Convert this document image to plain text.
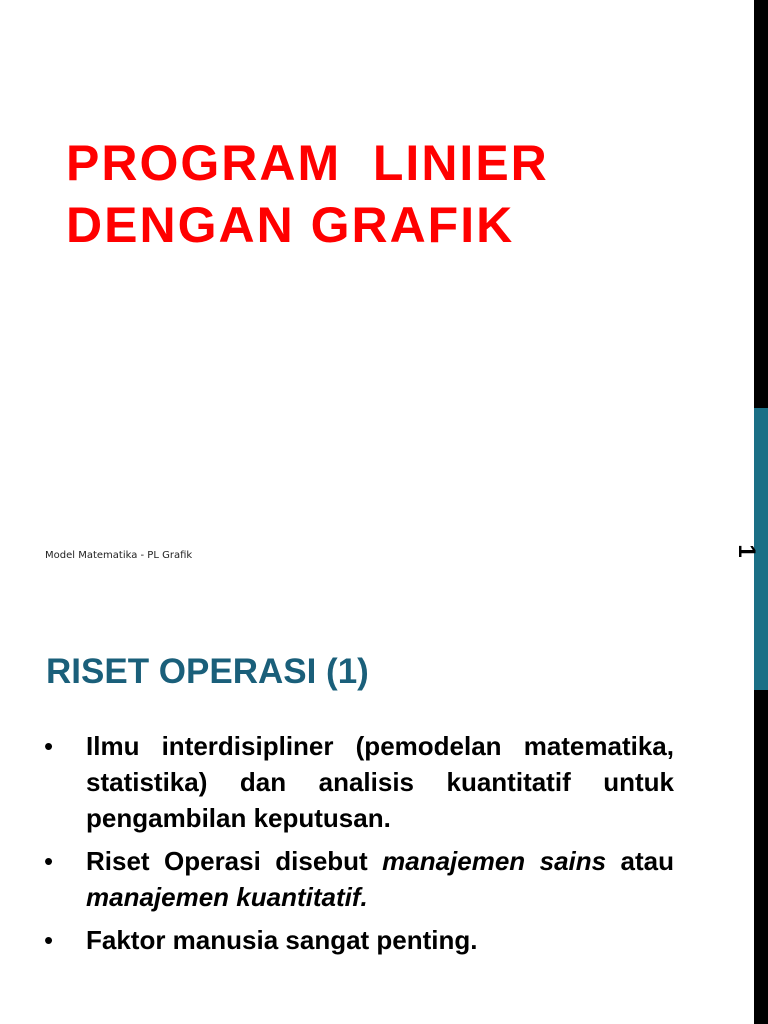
PROGRAM  LINIER
DENGAN GRAFIK
Model Matematika - PL Grafik	1
RISET OPERASI (1)
•	Ilmu interdisipliner (pemodelan matematika, statistika) dan analisis kuantitatif untuk pengambilan keputusan.
•	Riset Operasi disebut manajemen sains atau manajemen kuantitatif.
•	Faktor manusia sangat penting.
